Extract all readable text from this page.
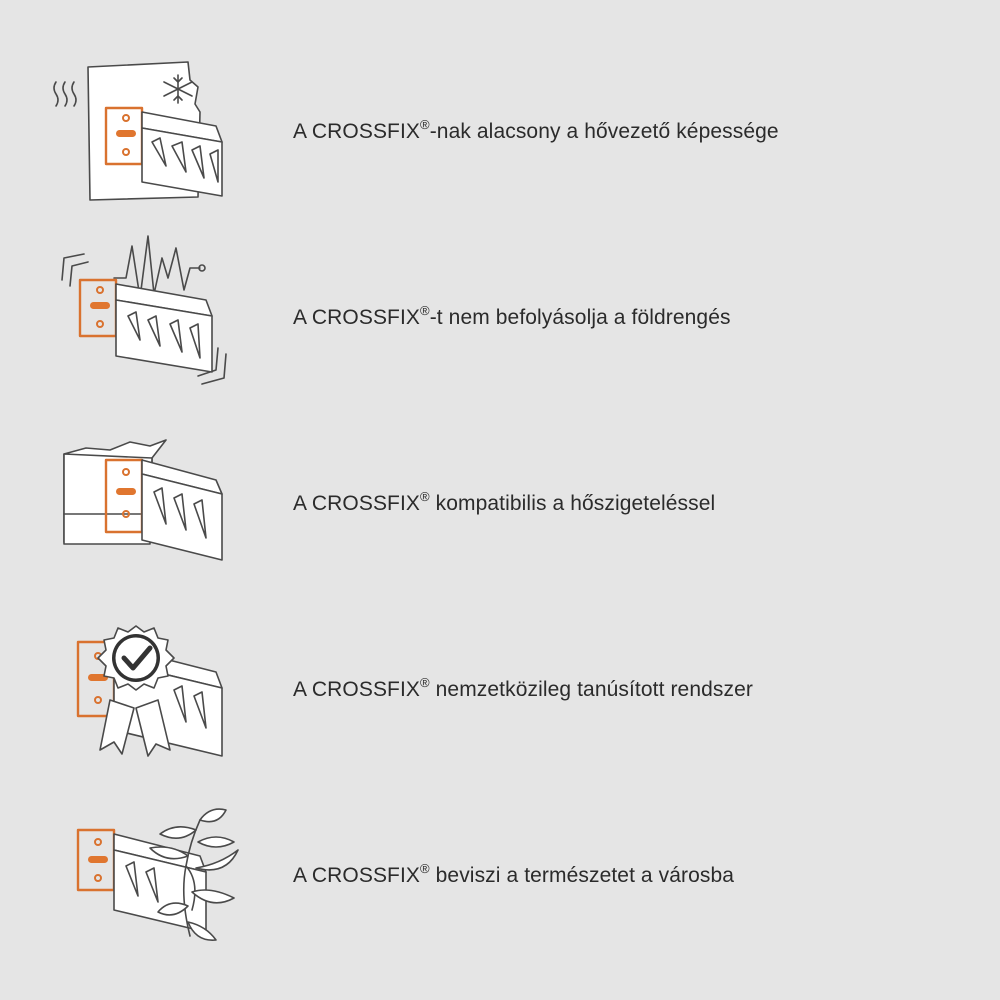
A CROSSFIX®-nak alacsony a hővezető képessége
A CROSSFIX®-t nem befolyásolja a földrengés
A CROSSFIX® kompatibilis a hőszigeteléssel
A CROSSFIX® nemzetközileg tanúsított rendszer
A CROSSFIX® beviszi a természetet a városba
